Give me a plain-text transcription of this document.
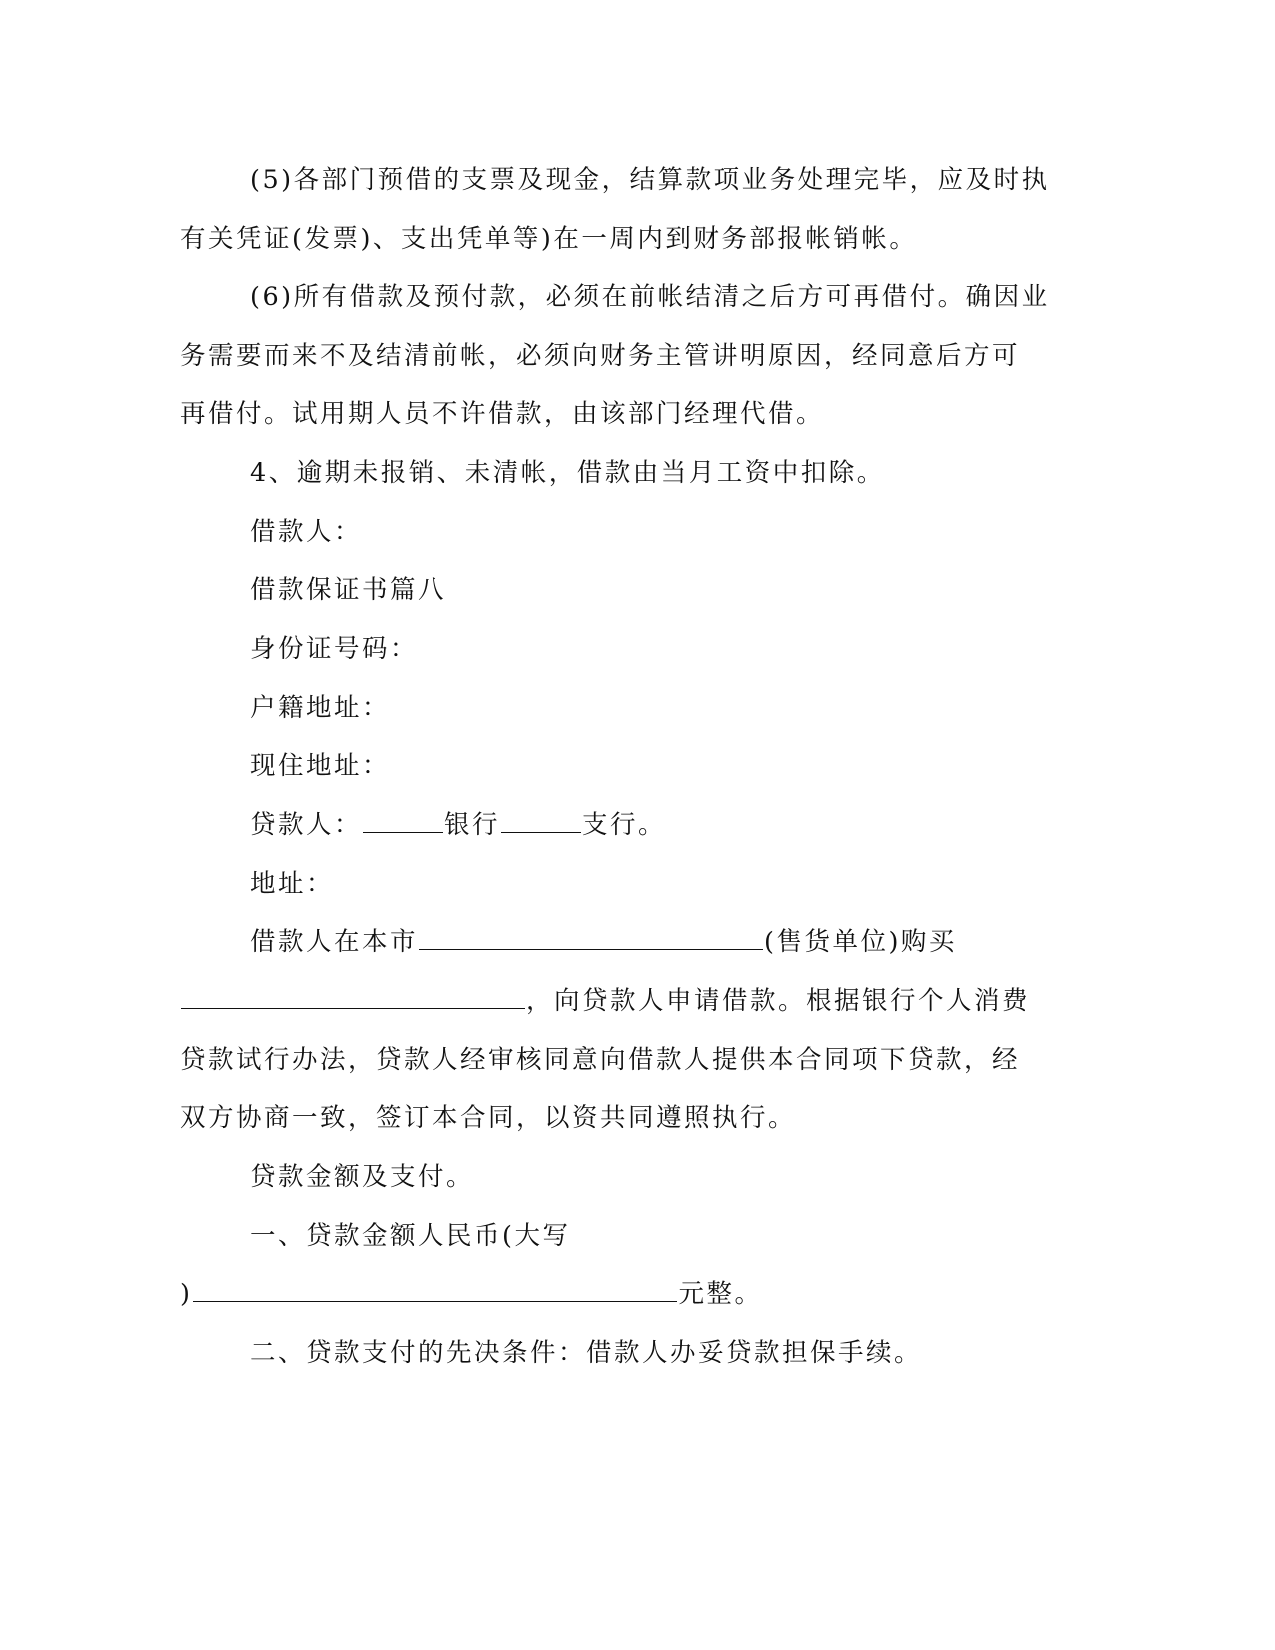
(5)各部门预借的支票及现金，结算款项业务处理完毕，应及时执
有关凭证(发票)、支出凭单等)在一周内到财务部报帐销帐。
(6)所有借款及预付款，必须在前帐结清之后方可再借付。确因业
务需要而来不及结清前帐，必须向财务主管讲明原因，经同意后方可
再借付。试用期人员不许借款，由该部门经理代借。
4、逾期未报销、未清帐，借款由当月工资中扣除。
借款人：
借款保证书篇八
身份证号码：
户籍地址：
现住地址：
贷款人：	银行	支行。
地址：
借款人在本市	(售货单位)购买
，向贷款人申请借款。根据银行个人消费
贷款试行办法，贷款人经审核同意向借款人提供本合同项下贷款，经
双方协商一致，签订本合同，以资共同遵照执行。
贷款金额及支付。
一、贷款金额人民币(大写
)	元整。
二、贷款支付的先决条件：借款人办妥贷款担保手续。
